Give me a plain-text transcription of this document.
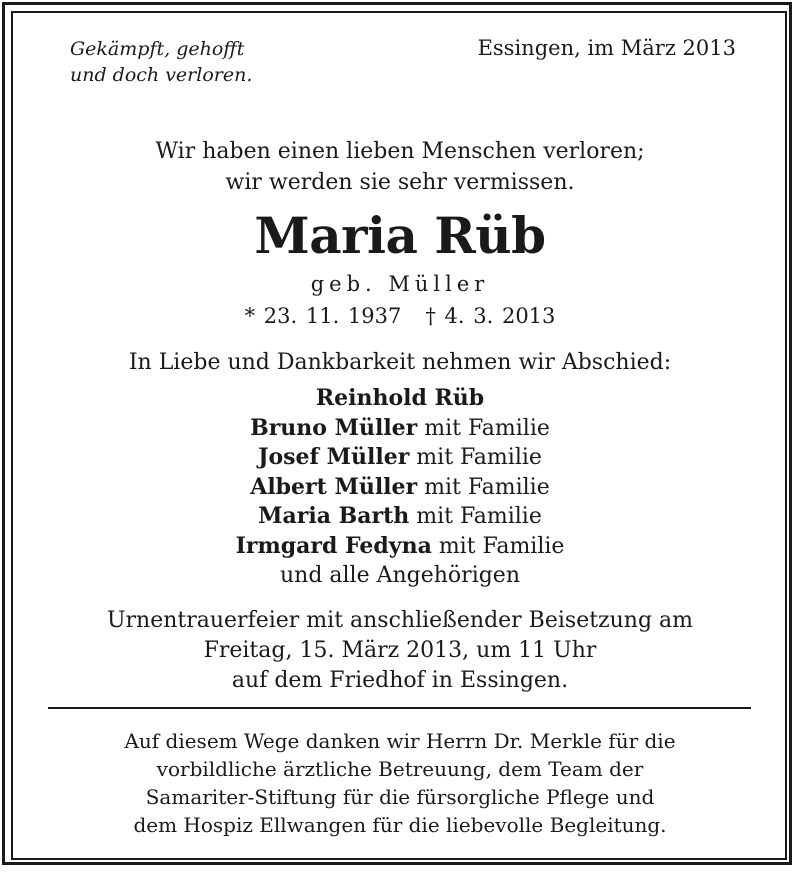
Gekämpft, gehofft
und doch verloren.
Essingen, im März 2013
Wir haben einen lieben Menschen verloren;
wir werden sie sehr vermissen.
Maria Rüb
geb. Müller
* 23. 11. 1937 † 4. 3. 2013
In Liebe und Dankbarkeit nehmen wir Abschied:
Reinhold Rüb
Bruno Müller mit Familie
Josef Müller mit Familie
Albert Müller mit Familie
Maria Barth mit Familie
Irmgard Fedyna mit Familie
und alle Angehörigen
Urnentrauerfeier mit anschließender Beisetzung am
Freitag, 15. März 2013, um 11 Uhr
auf dem Friedhof in Essingen.
Auf diesem Wege danken wir Herrn Dr. Merkle für die
vorbildliche ärztliche Betreuung, dem Team der
Samariter-Stiftung für die fürsorgliche Pflege und
dem Hospiz Ellwangen für die liebevolle Begleitung.
